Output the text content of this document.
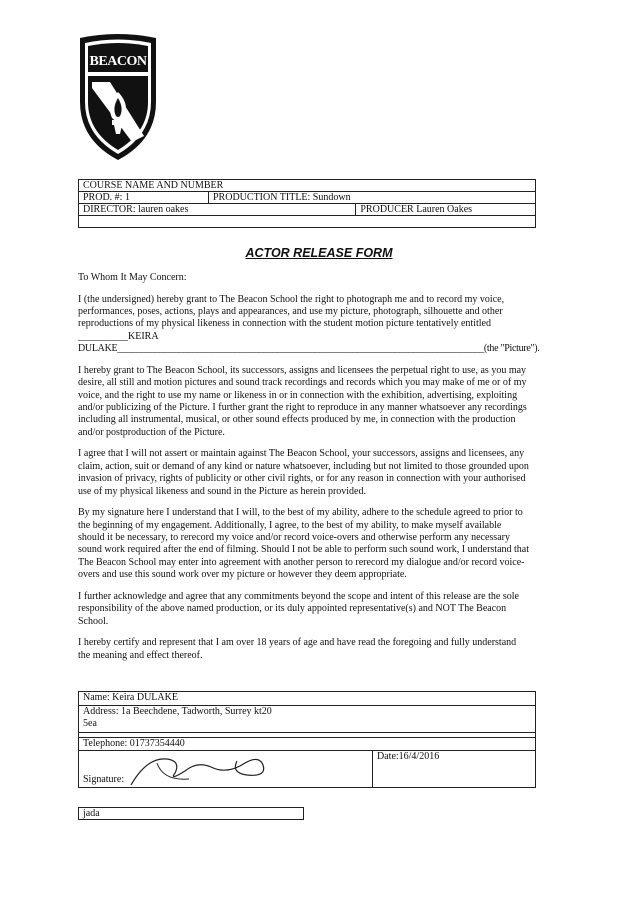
BEACON
COURSE NAME AND NUMBER		
PROD. #: 1	PRODUCTION TITLE: Sundown	
DIRECTOR: lauren oakes		PRODUCER Lauren Oakes

ACTOR RELEASE FORM

To Whom It May Concern:

I (the undersigned) hereby grant to The Beacon School the right to photograph me and to record my voice,
performances, poses, actions, plays and appearances, and use my picture, photograph, silhouette and other
reproductions of my physical likeness in connection with the student motion picture tentatively entitled
__________KEIRA
DULAKE______________________________________________________________________________(the "Picture").

I hereby grant to The Beacon School, its successors, assigns and licensees the perpetual right to use, as you may
desire, all still and motion pictures and sound track recordings and records which you may make of me or of my
voice, and the right to use my name or likeness in or in connection with the exhibition, advertising, exploiting
and/or publicizing of the Picture. I further grant the right to reproduce in any manner whatsoever any recordings
including all instrumental, musical, or other sound effects produced by me, in connection with the production
and/or postproduction of the Picture.

I agree that I will not assert or maintain against The Beacon School, your successors, assigns and licensees, any
claim, action, suit or demand of any kind or nature whatsoever, including but not limited to those grounded upon
invasion of privacy, rights of publicity or other civil rights, or for any reason in connection with your authorised
use of my physical likeness and sound in the Picture as herein provided.

By my signature here I understand that I will, to the best of my ability, adhere to the schedule agreed to prior to
the beginning of my engagement. Additionally, I agree, to the best of my ability, to make myself available
should it be necessary, to rerecord my voice and/or record voice-overs and otherwise perform any necessary
sound work required after the end of filming. Should I not be able to perform such sound work, I understand that
The Beacon School may enter into agreement with another person to rerecord my dialogue and/or record voice-
overs and use this sound work over my picture or however they deem appropriate.

I further acknowledge and agree that any commitments beyond the scope and intent of this release are the sole
responsibility of the above named production, or its duly appointed representative(s) and NOT The Beacon
School.

I hereby certify and represent that I am over 18 years of age and have read the foregoing and fully understand
the meaning and effect thereof.

Name: Keira DULAKE
Address: 1a Beechdene, Tadworth, Surrey kt20
5ea

Telephone: 01737354440

Signature:
	Date:16/4/2016
jada
